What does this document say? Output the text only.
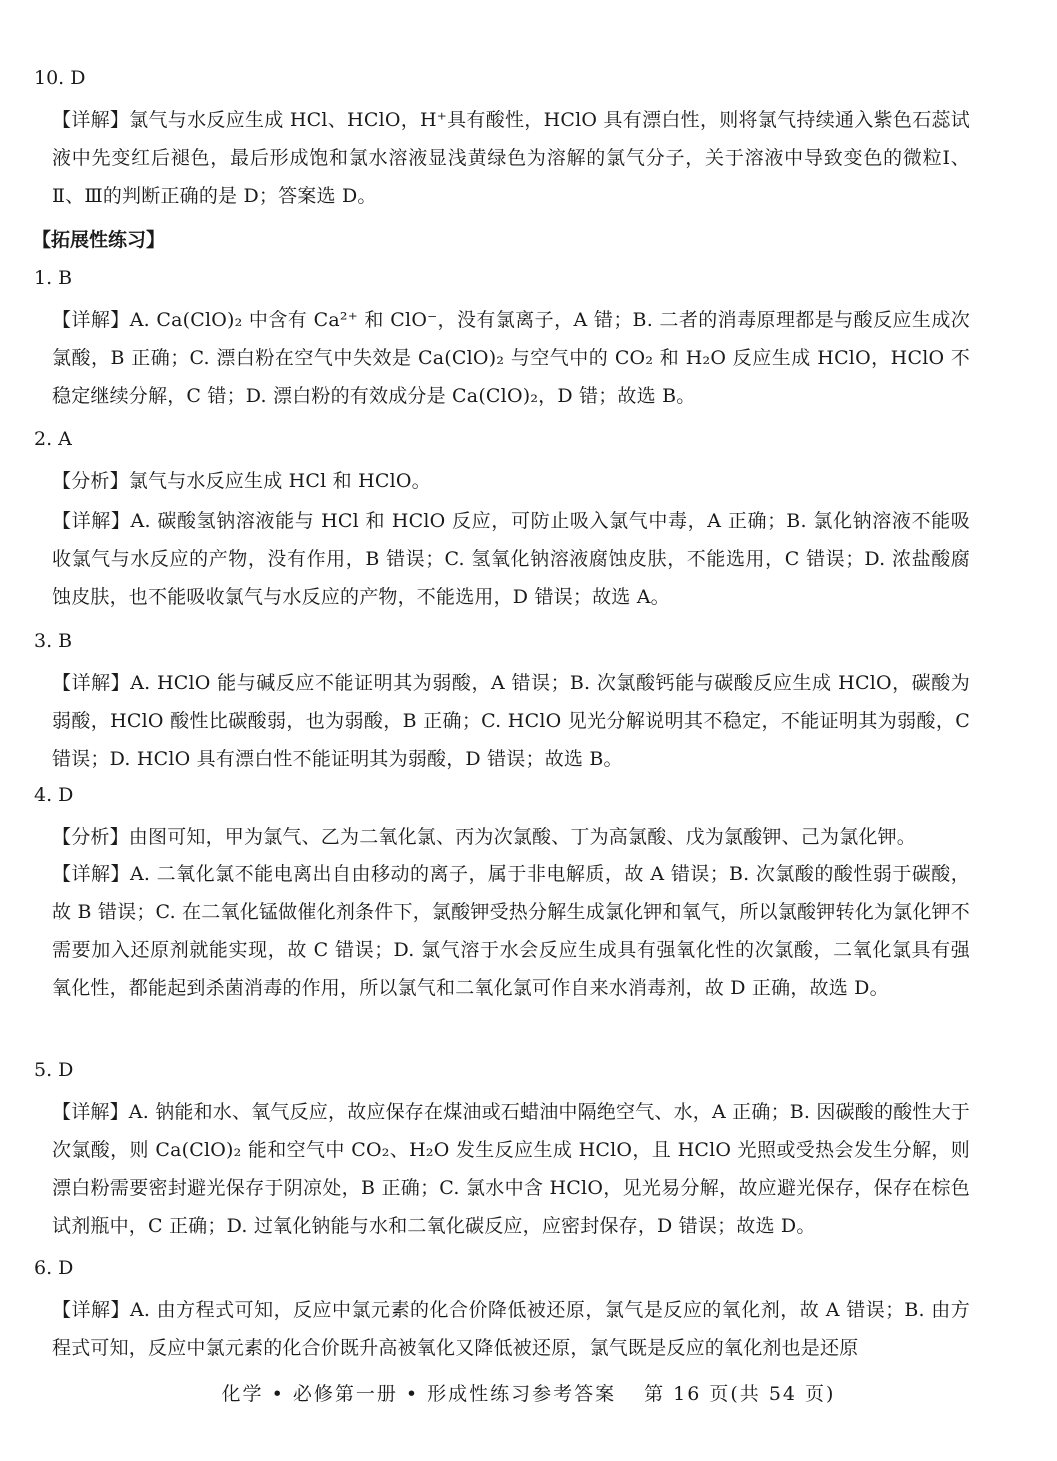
10. D
【详解】氯气与水反应生成 HCl、HClO，H⁺具有酸性，HClO 具有漂白性，则将氯气持续通入紫色石蕊试液中先变红后褪色，最后形成饱和氯水溶液显浅黄绿色为溶解的氯气分子，关于溶液中导致变色的微粒Ⅰ、Ⅱ、Ⅲ的判断正确的是 D；答案选 D。
【拓展性练习】
1. B
【详解】A. Ca(ClO)₂ 中含有 Ca²⁺ 和 ClO⁻，没有氯离子，A 错；B. 二者的消毒原理都是与酸反应生成次氯酸，B 正确；C. 漂白粉在空气中失效是 Ca(ClO)₂ 与空气中的 CO₂ 和 H₂O 反应生成 HClO，HClO 不稳定继续分解，C 错；D. 漂白粉的有效成分是 Ca(ClO)₂，D 错；故选 B。
2. A
【分析】氯气与水反应生成 HCl 和 HClO。
【详解】A. 碳酸氢钠溶液能与 HCl 和 HClO 反应，可防止吸入氯气中毒，A 正确；B. 氯化钠溶液不能吸收氯气与水反应的产物，没有作用，B 错误；C. 氢氧化钠溶液腐蚀皮肤，不能选用，C 错误；D. 浓盐酸腐蚀皮肤，也不能吸收氯气与水反应的产物，不能选用，D 错误；故选 A。
3. B
【详解】A. HClO 能与碱反应不能证明其为弱酸，A 错误；B. 次氯酸钙能与碳酸反应生成 HClO，碳酸为弱酸，HClO 酸性比碳酸弱，也为弱酸，B 正确；C. HClO 见光分解说明其不稳定，不能证明其为弱酸，C 错误；D. HClO 具有漂白性不能证明其为弱酸，D 错误；故选 B。
4. D
【分析】由图可知，甲为氯气、乙为二氧化氯、丙为次氯酸、丁为高氯酸、戊为氯酸钾、己为氯化钾。
【详解】A. 二氧化氯不能电离出自由移动的离子，属于非电解质，故 A 错误；B. 次氯酸的酸性弱于碳酸，故 B 错误；C. 在二氧化锰做催化剂条件下，氯酸钾受热分解生成氯化钾和氧气，所以氯酸钾转化为氯化钾不需要加入还原剂就能实现，故 C 错误；D. 氯气溶于水会反应生成具有强氧化性的次氯酸，二氧化氯具有强氧化性，都能起到杀菌消毒的作用，所以氯气和二氧化氯可作自来水消毒剂，故 D 正确，故选 D。
5. D
【详解】A. 钠能和水、氧气反应，故应保存在煤油或石蜡油中隔绝空气、水，A 正确；B. 因碳酸的酸性大于次氯酸，则 Ca(ClO)₂ 能和空气中 CO₂、H₂O 发生反应生成 HClO，且 HClO 光照或受热会发生分解，则漂白粉需要密封避光保存于阴凉处，B 正确；C. 氯水中含 HClO，见光易分解，故应避光保存，保存在棕色试剂瓶中，C 正确；D. 过氧化钠能与水和二氧化碳反应，应密封保存，D 错误；故选 D。
6. D
【详解】A. 由方程式可知，反应中氯元素的化合价降低被还原，氯气是反应的氧化剂，故 A 错误；B. 由方程式可知，反应中氯元素的化合价既升高被氧化又降低被还原，氯气既是反应的氧化剂也是还原
化学 • 必修第一册 • 形成性练习参考答案 第 16 页(共 54 页)
